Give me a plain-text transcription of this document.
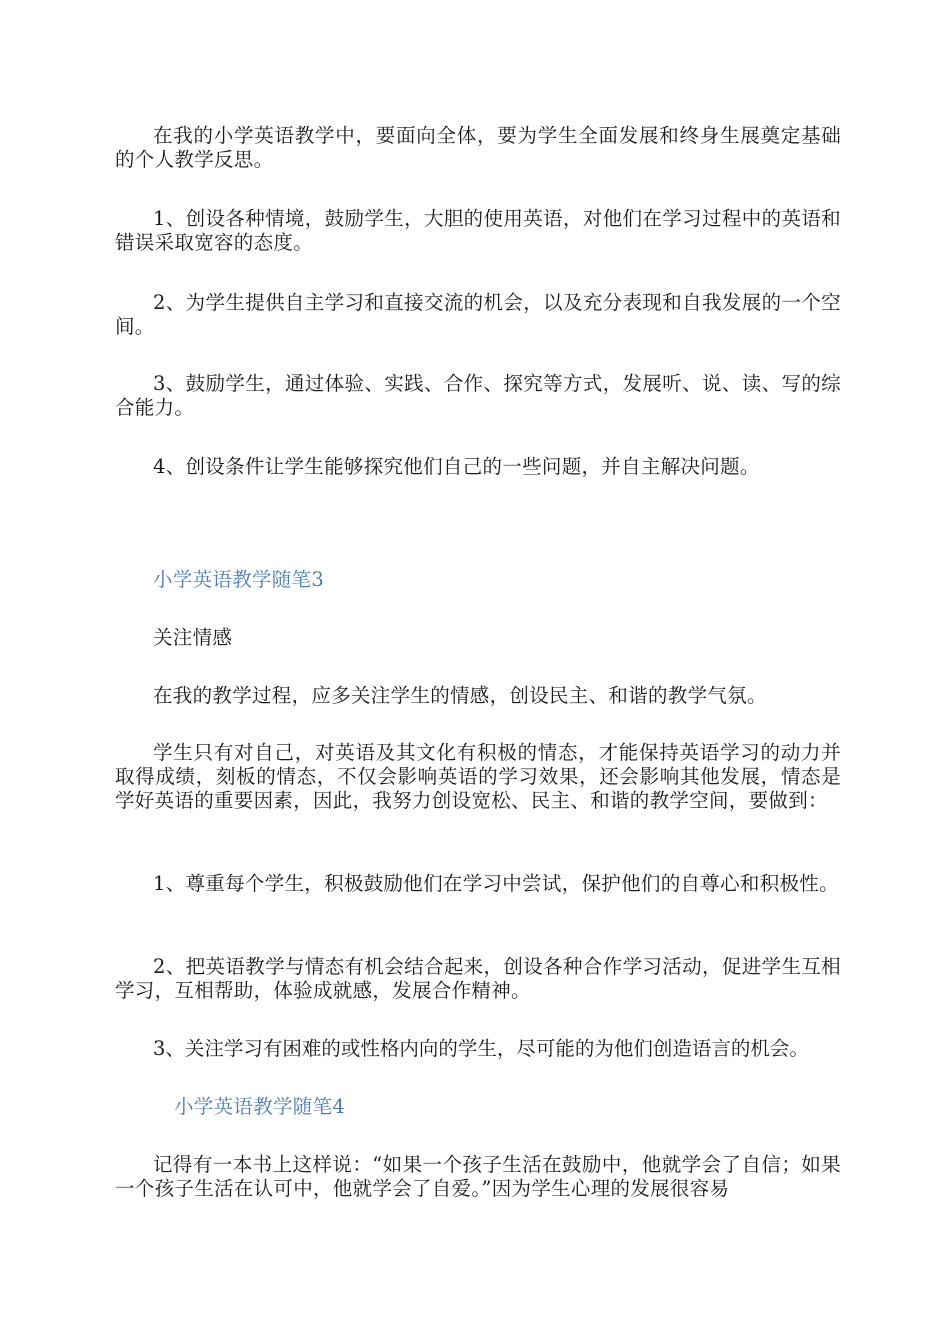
在我的小学英语教学中，要面向全体，要为学生全面发展和终身生展奠定基础的个人教学反思。

1、创设各种情境，鼓励学生，大胆的使用英语，对他们在学习过程中的英语和错误采取宽容的态度。

2、为学生提供自主学习和直接交流的机会，以及充分表现和自我发展的一个空间。

3、鼓励学生，通过体验、实践、合作、探究等方式，发展听、说、读、写的综合能力。

4、创设条件让学生能够探究他们自己的一些问题，并自主解决问题。

小学英语教学随笔3

关注情感

在我的教学过程，应多关注学生的情感，创设民主、和谐的教学气氛。

学生只有对自己，对英语及其文化有积极的情态，才能保持英语学习的动力并取得成绩，刻板的情态，不仅会影响英语的学习效果，还会影响其他发展，情态是学好英语的重要因素，因此，我努力创设宽松、民主、和谐的教学空间，要做到：

1、尊重每个学生，积极鼓励他们在学习中尝试，保护他们的自尊心和积极性。

2、把英语教学与情态有机会结合起来，创设各种合作学习活动，促进学生互相学习，互相帮助，体验成就感，发展合作精神。

3、关注学习有困难的或性格内向的学生，尽可能的为他们创造语言的机会。

小学英语教学随笔4

记得有一本书上这样说：“如果一个孩子生活在鼓励中，他就学会了自信；如果一个孩子生活在认可中，他就学会了自爱。”因为学生心理的发展很容易
